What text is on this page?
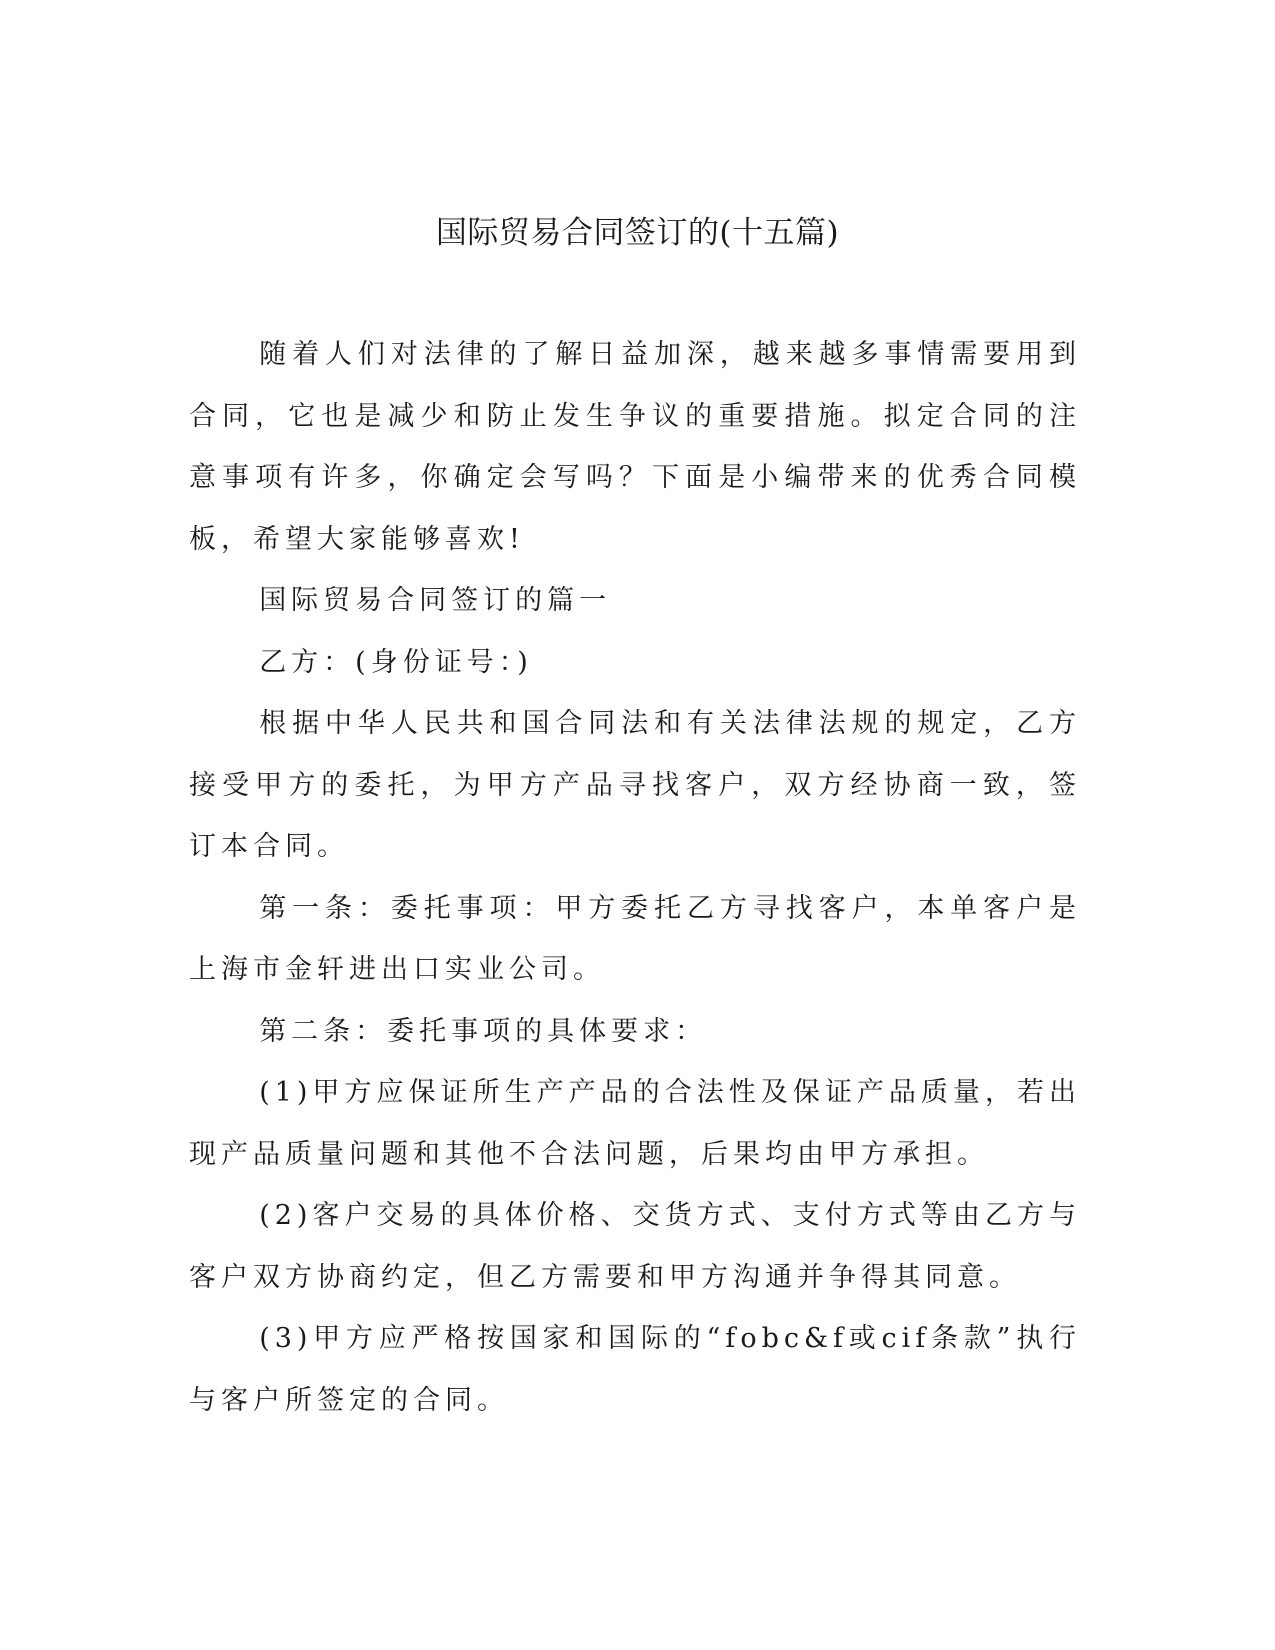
国际贸易合同签订的(十五篇)

随着人们对法律的了解日益加深，越来越多事情需要用到合同，它也是减少和防止发生争议的重要措施。拟定合同的注意事项有许多，你确定会写吗？下面是小编带来的优秀合同模板，希望大家能够喜欢!

国际贸易合同签订的篇一

乙方：(身份证号：)

根据中华人民共和国合同法和有关法律法规的规定，乙方接受甲方的委托，为甲方产品寻找客户，双方经协商一致，签订本合同。

第一条：委托事项：甲方委托乙方寻找客户，本单客户是上海市金轩进出口实业公司。

第二条：委托事项的具体要求：

(1)甲方应保证所生产产品的合法性及保证产品质量，若出现产品质量问题和其他不合法问题，后果均由甲方承担。

(2)客户交易的具体价格、交货方式、支付方式等由乙方与客户双方协商约定，但乙方需要和甲方沟通并争得其同意。

(3)甲方应严格按国家和国际的“fobc&f或cif条款”执行与客户所签定的合同。
